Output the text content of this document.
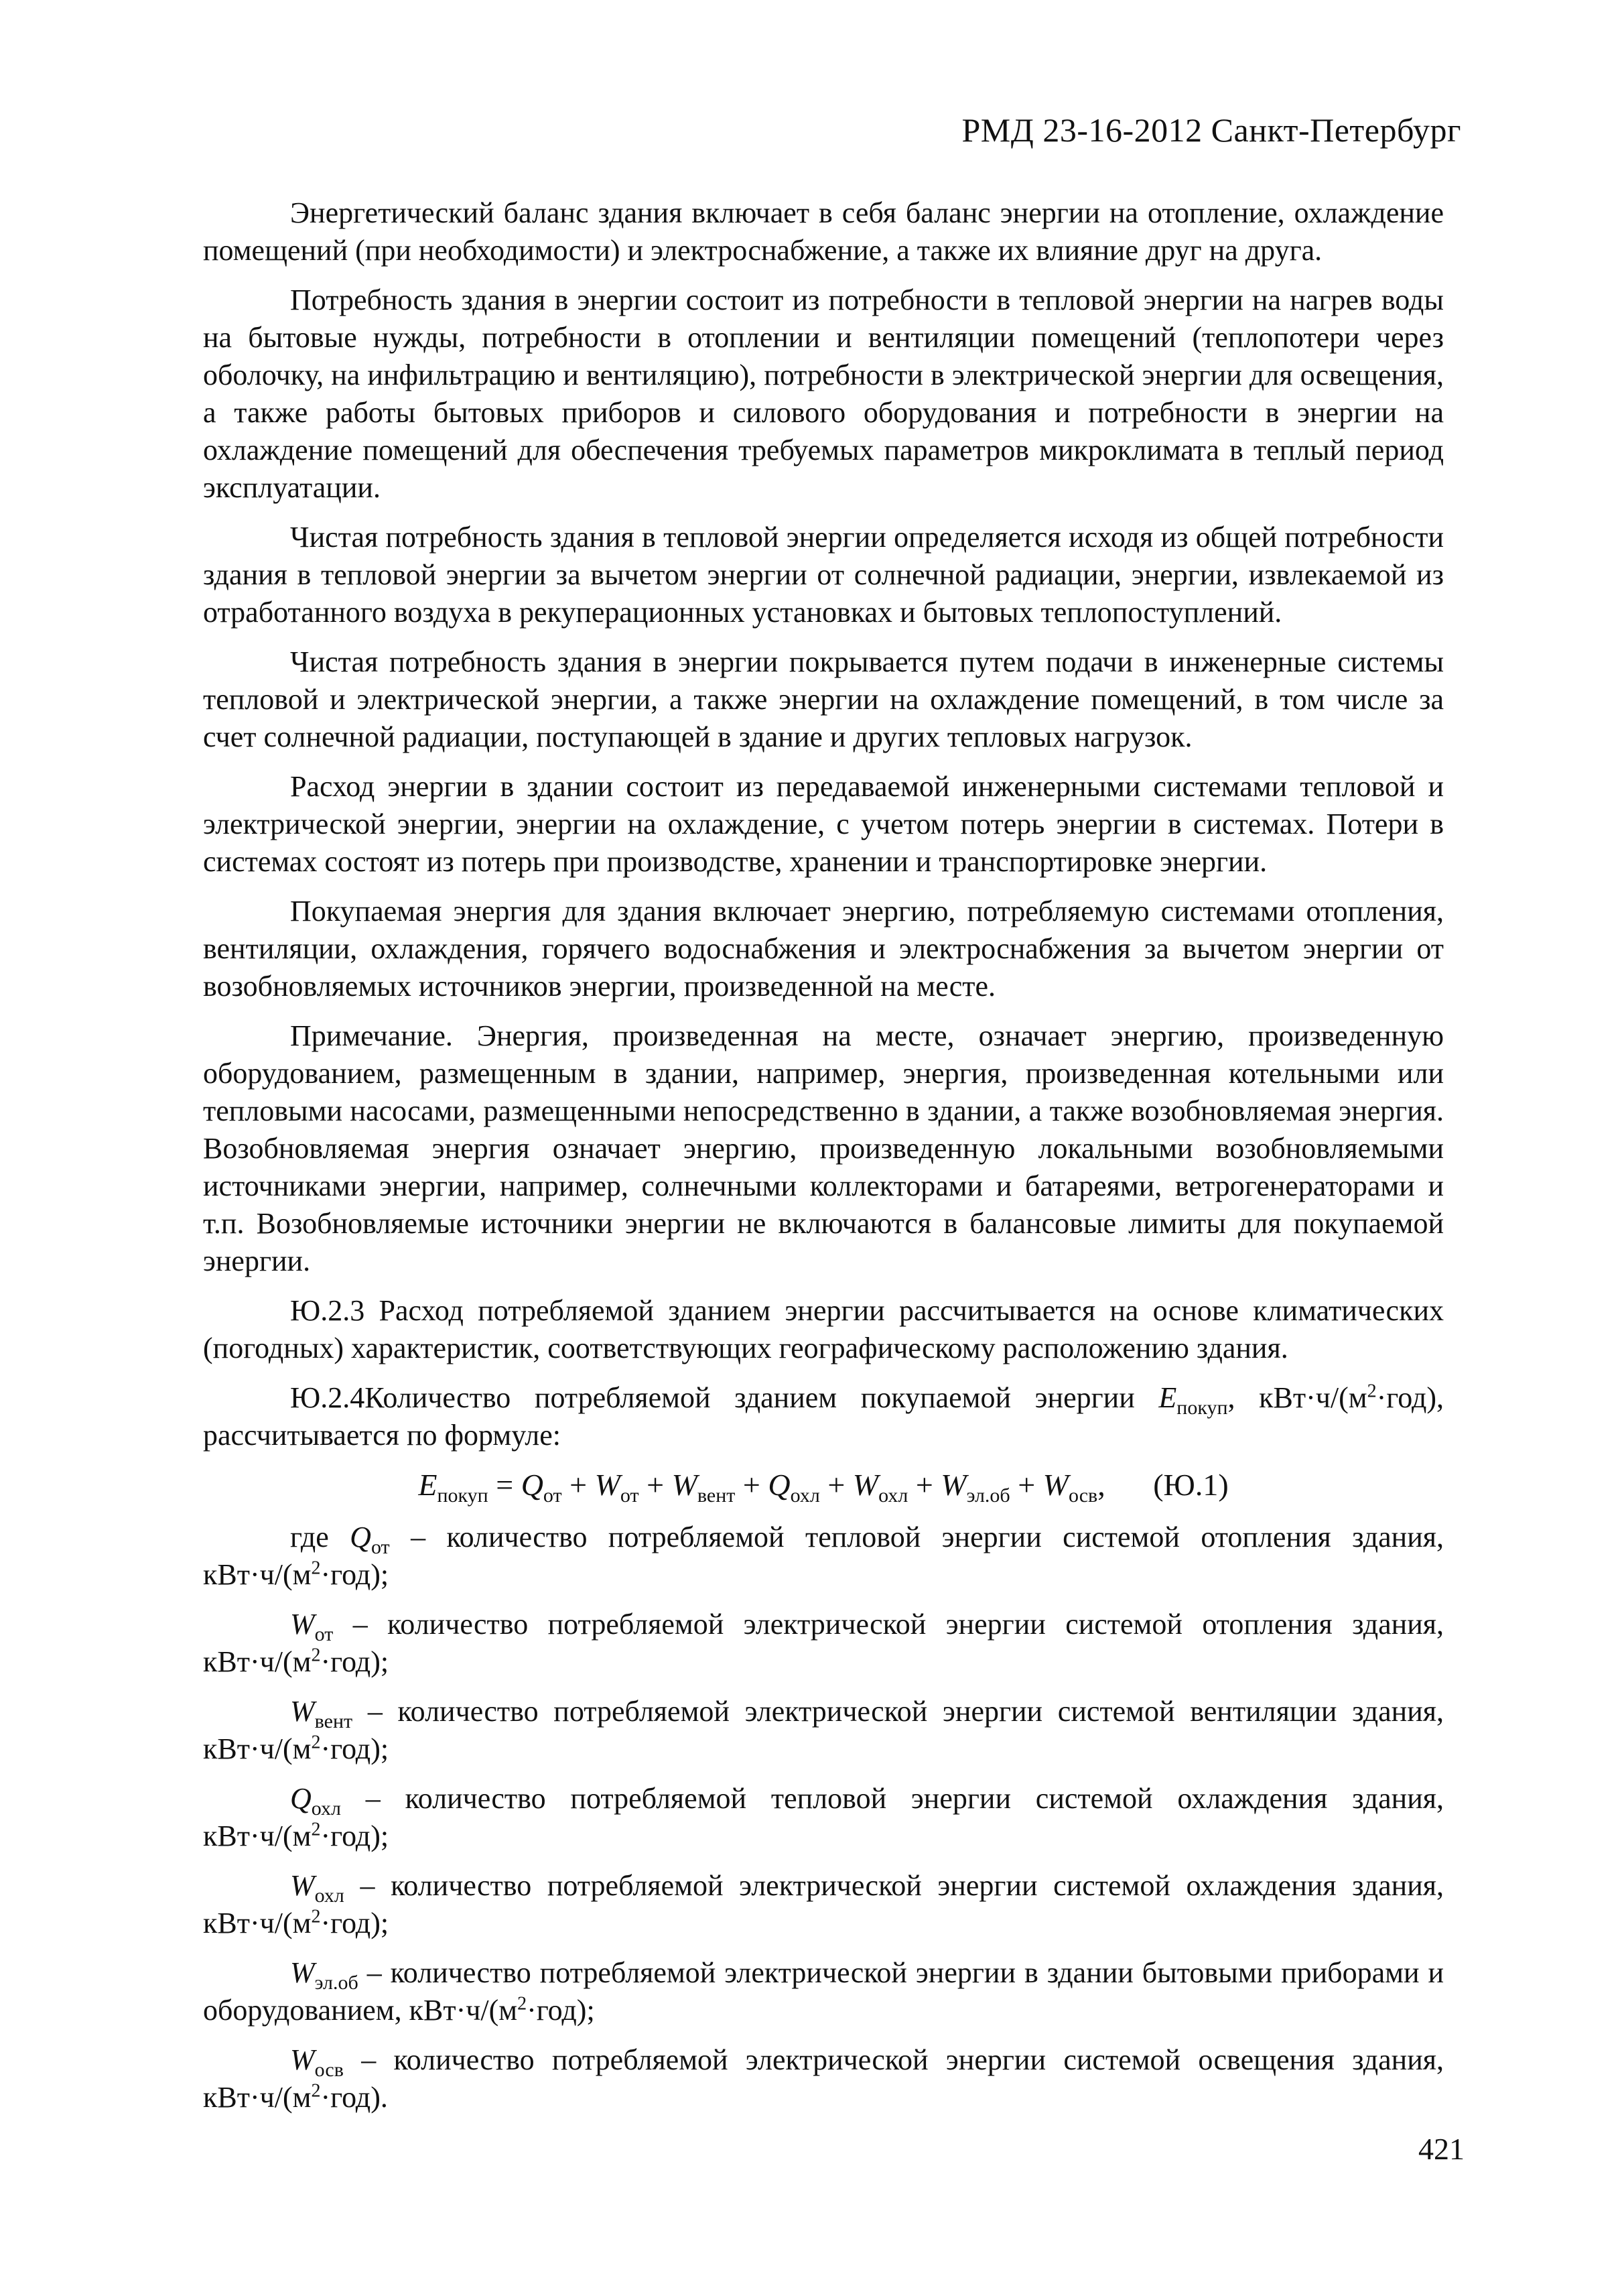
РМД 23-16-2012 Санкт-Петербург

Энергетический баланс здания включает в себя баланс энергии на отопление, охлаждение помещений (при необходимости) и электроснабжение, а также их влияние друг на друга.

Потребность здания в энергии состоит из потребности в тепловой энергии на нагрев воды на бытовые нужды, потребности в отоплении и вентиляции помещений (теплопотери через оболочку, на инфильтрацию и вентиляцию), потребности в электрической энергии для освещения, а также работы бытовых приборов и силового оборудования и потребности в энергии на охлаждение помещений для обеспечения требуемых параметров микроклимата в теплый период эксплуатации.

Чистая потребность здания в тепловой энергии определяется исходя из общей потребности здания в тепловой энергии за вычетом энергии от солнечной радиации, энергии, извлекаемой из отработанного воздуха в рекуперационных установках и бытовых теплопоступлений.

Чистая потребность здания в энергии покрывается путем подачи в инженерные системы тепловой и электрической энергии, а также энергии на охлаждение помещений, в том числе за счет солнечной радиации, поступающей в здание и других тепловых нагрузок.

Расход энергии в здании состоит из передаваемой инженерными системами тепловой и электрической энергии, энергии на охлаждение, с учетом потерь энергии в системах. Потери в системах состоят из потерь при производстве, хранении и транспортировке энергии.

Покупаемая энергия для здания включает энергию, потребляемую системами отопления, вентиляции, охлаждения, горячего водоснабжения и электроснабжения за вычетом энергии от возобновляемых источников энергии, произведенной на месте.

Примечание. Энергия, произведенная на месте, означает энергию, произведенную оборудованием, размещенным в здании, например, энергия, произведенная котельными или тепловыми насосами, размещенными непосредственно в здании, а также возобновляемая энергия. Возобновляемая энергия означает энергию, произведенную локальными возобновляемыми источниками энергии, например, солнечными коллекторами и батареями, ветрогенераторами и т.п. Возобновляемые источники энергии не включаются в балансовые лимиты для покупаемой энергии.

Ю.2.3 Расход потребляемой зданием энергии рассчитывается на основе климатических (погодных) характеристик, соответствующих географическому расположению здания.

Ю.2.4Количество потребляемой зданием покупаемой энергии $E_{покуп}$, $кВт\cdot ч/(м^2\cdot год)$, рассчитывается по формуле:

$E_{покуп} = Q_{от} + W_{от} + W_{вент} + Q_{охл} + W_{охл} + W_{эл.об} + W_{осв}$, (Ю.1)

где $Q_{от}$ – количество потребляемой тепловой энергии системой отопления здания, $кВт\cdot ч/(м^2\cdot год)$;

$W_{от}$ – количество потребляемой электрической энергии системой отопления здания, $кВт\cdot ч/(м^2\cdot год)$;

$W_{вент}$ – количество потребляемой электрической энергии системой вентиляции здания, $кВт\cdot ч/(м^2\cdot год)$;

$Q_{охл}$ – количество потребляемой тепловой энергии системой охлаждения здания, $кВт\cdot ч/(м^2\cdot год)$;

$W_{охл}$ – количество потребляемой электрической энергии системой охлаждения здания, $кВт\cdot ч/(м^2\cdot год)$;

$W_{эл.об}$ – количество потребляемой электрической энергии в здании бытовыми приборами и оборудованием, $кВт\cdot ч/(м^2\cdot год)$;

$W_{осв}$ – количество потребляемой электрической энергии системой освещения здания, $кВт\cdot ч/(м^2\cdot год)$.

421
